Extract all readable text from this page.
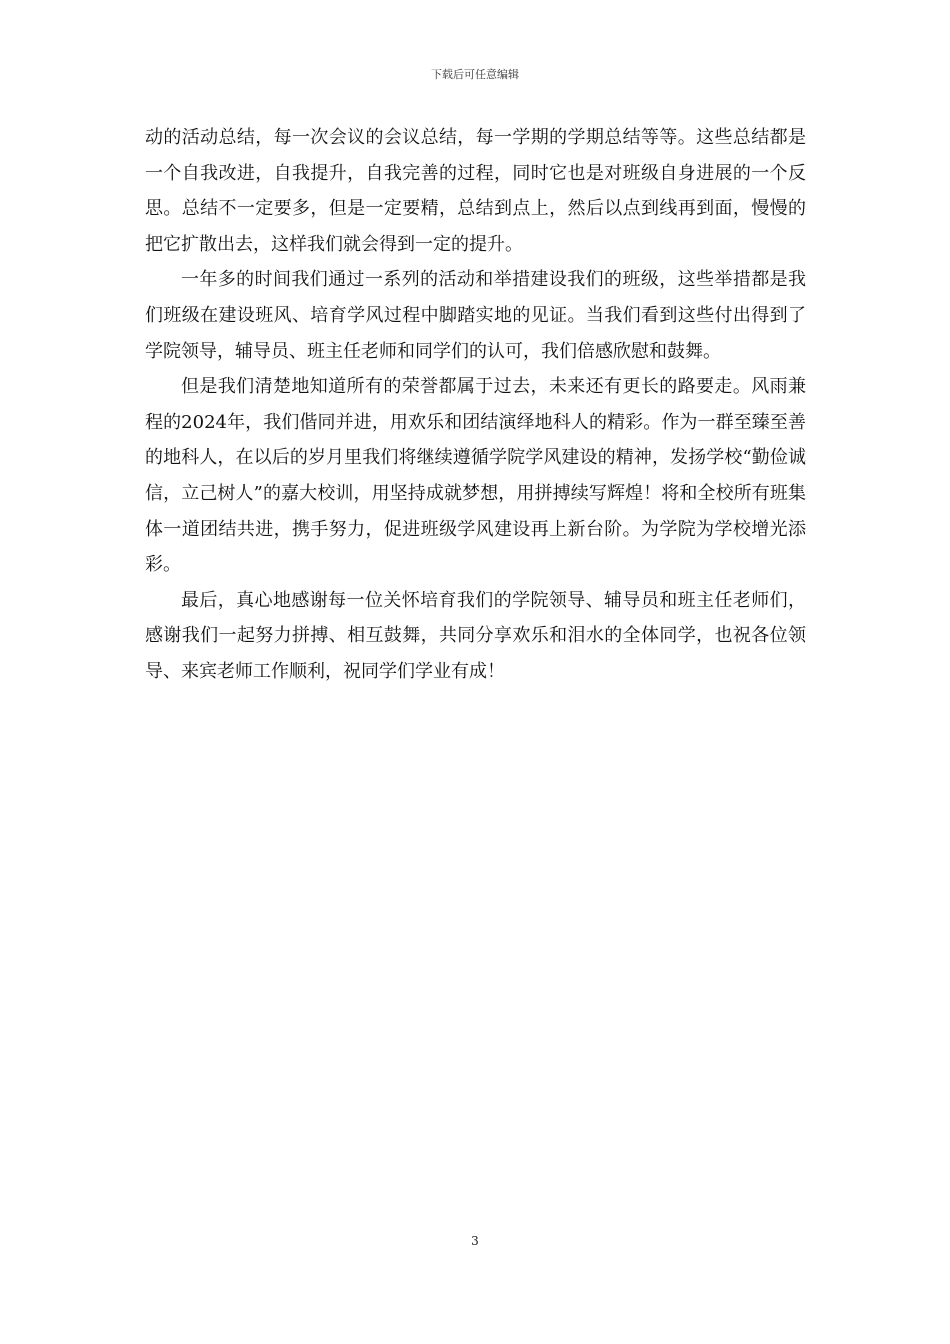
下载后可任意编辑

动的活动总结，每一次会议的会议总结，每一学期的学期总结等等。这些总结都是一个自我改进，自我提升，自我完善的过程，同时它也是对班级自身进展的一个反思。总结不一定要多，但是一定要精，总结到点上，然后以点到线再到面，慢慢的把它扩散出去，这样我们就会得到一定的提升。

一年多的时间我们通过一系列的活动和举措建设我们的班级，这些举措都是我们班级在建设班风、培育学风过程中脚踏实地的见证。当我们看到这些付出得到了学院领导，辅导员、班主任老师和同学们的认可，我们倍感欣慰和鼓舞。

但是我们清楚地知道所有的荣誉都属于过去，未来还有更长的路要走。风雨兼程的2024年，我们偕同并进，用欢乐和团结演绎地科人的精彩。作为一群至臻至善的地科人，在以后的岁月里我们将继续遵循学院学风建设的精神，发扬学校“勤俭诚信，立己树人”的嘉大校训，用坚持成就梦想，用拼搏续写辉煌！将和全校所有班集体一道团结共进，携手努力，促进班级学风建设再上新台阶。为学院为学校增光添彩。

最后，真心地感谢每一位关怀培育我们的学院领导、辅导员和班主任老师们，感谢我们一起努力拼搏、相互鼓舞，共同分享欢乐和泪水的全体同学，也祝各位领导、来宾老师工作顺利，祝同学们学业有成！

3
